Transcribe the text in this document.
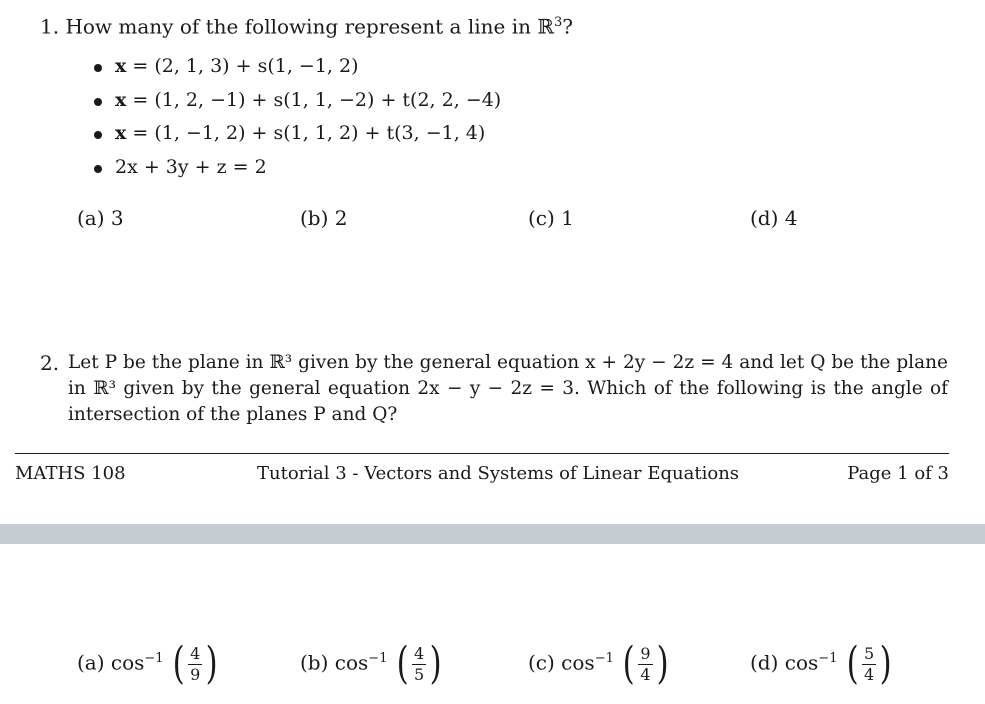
1. How many of the following represent a line in ℝ$^3$?
x = (2, 1, 3) + s(1, −1, 2)
x = (1, 2, −1) + s(1, 1, −2) + t(2, 2, −4)
x = (1, −1, 2) + s(1, 1, 2) + t(3, −1, 4)
2x + 3y + z = 2
(a) 3	(b) 2	(c) 1	(d) 4
2. Let P be the plane in ℝ³ given by the general equation x + 2y − 2z = 4 and let Q be the plane
in ℝ³ given by the general equation 2x − y − 2z = 3. Which of the following is the angle of
intersection of the planes P and Q?
MATHS 108	Tutorial 3 - Vectors and Systems of Linear Equations	Page 1 of 3
(a) $\cos^{-1}$ ( $\frac{4}{9}$ )	(b) $\cos^{-1}$ ( $\frac{4}{5}$ )	(c) $\cos^{-1}$ ( $\frac{9}{4}$ )	(d) $\cos^{-1}$ ( $\frac{5}{4}$ )
